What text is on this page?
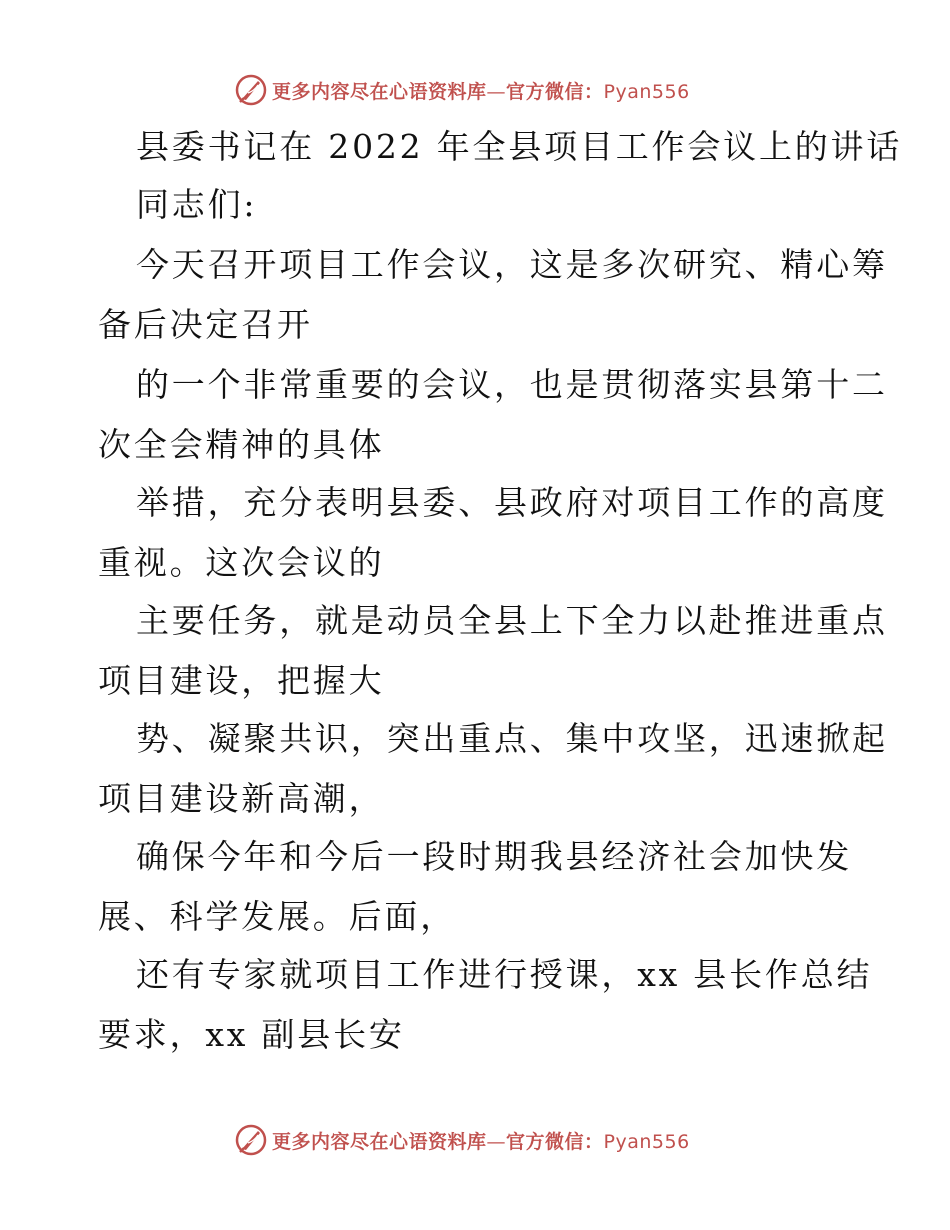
更多内容尽在心语资料库—官方微信：Pyan556
县委书记在 2022 年全县项目工作会议上的讲话
同志们:
今天召开项目工作会议，这是多次研究、精心筹
备后决定召开
的一个非常重要的会议，也是贯彻落实县第十二
次全会精神的具体
举措，充分表明县委、县政府对项目工作的高度
重视。这次会议的
主要任务，就是动员全县上下全力以赴推进重点
项目建设，把握大
势、凝聚共识，突出重点、集中攻坚，迅速掀起
项目建设新高潮，
确保今年和今后一段时期我县经济社会加快发
展、科学发展。后面，
还有专家就项目工作进行授课，xx 县长作总结
要求，xx 副县长安
更多内容尽在心语资料库—官方微信：Pyan556
